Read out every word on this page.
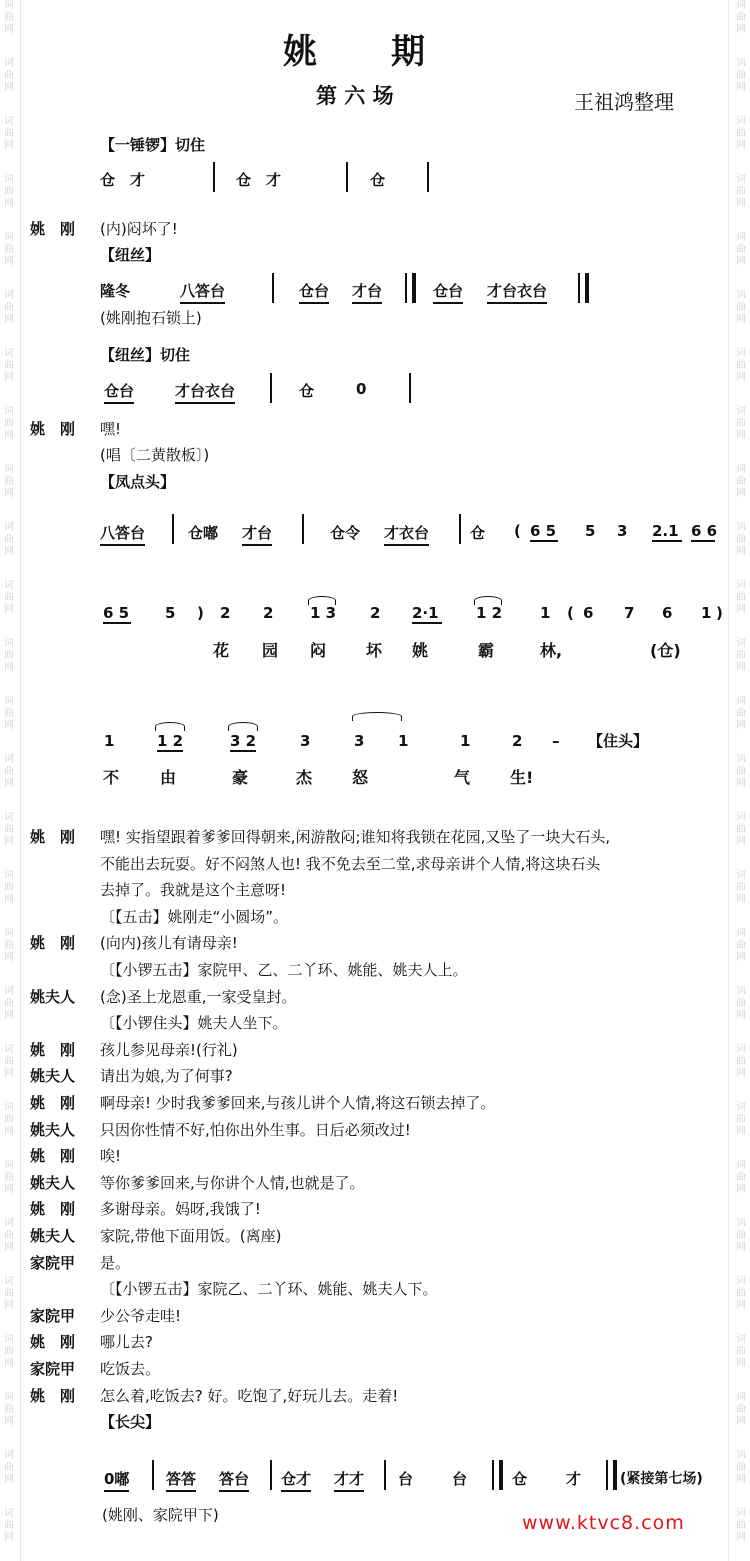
词
曲
网
词
曲
网
词
曲
网
词
曲
网
词
曲
网
词
曲
网
词
曲
网
词
曲
网
词
曲
网
词
曲
网
词
曲
网
词
曲
网
词
曲
网
词
曲
网
词
曲
网
词
曲
网
词
曲
网
词
曲
网
词
曲
网
词
曲
网
词
曲
网
词
曲
网
词
曲
网
词
曲
网
词
曲
网
词
曲
网
词
曲
网
词
曲
网
词
曲
网
词
曲
网
词
曲
网
词
曲
网
词
曲
网
词
曲
网
词
曲
网
词
曲
网
词
曲
网
词
曲
网
词
曲
网
词
曲
网
词
曲
网
词
曲
网
词
曲
网
词
曲
网
词
曲
网
词
曲
网
词
曲
网
词
曲
网
词
曲
网
词
曲
网
词
曲
网
词
曲
网
词
曲
网
词
曲
网
姚　　期
第 六 场	王祖鸿整理
【一锤锣】切住
仓　才	仓　才	仓
姚　刚 (内)闷坏了!
【纽丝】
隆冬	八答台	仓台 才台	仓台 才台衣台
(姚刚抱石锁上)
【纽丝】切住
仓台	才台衣台	仓	0
姚　刚 嘿!
(唱〔二黄散板〕)
【凤点头】
八答台	仓嘟 才台	仓令 才衣台	仓 ( 6 5 5 3 2.1 6 6
6 5 5 ) 2 2 1 3 2 2·1 1 2	1 ( 6 7 6 1 )
花 园 闷 坏 姚	霸	林,	(仓)
1	1 2	3 2	3	3 1	1	2 – 【住头】
不	由	豪	杰 怒	气 生!
姚　刚 嘿! 实指望跟着爹爹回得朝来,闲游散闷;谁知将我锁在花园,又坠了一块大石头,
不能出去玩耍。好不闷煞人也! 我不免去至二堂,求母亲讲个人情,将这块石头
去掉了。我就是这个主意呀!
〔【五击】姚刚走“小圆场”。
姚　刚 (向内)孩儿有请母亲!
〔【小锣五击】家院甲、乙、二丫环、姚能、姚夫人上。
姚夫人 (念)圣上龙恩重,一家受皇封。
〔【小锣住头】姚夫人坐下。
姚　刚 孩儿参见母亲!(行礼)
姚夫人 请出为娘,为了何事?
姚　刚 啊母亲! 少时我爹爹回来,与孩儿讲个人情,将这石锁去掉了。
姚夫人 只因你性情不好,怕你出外生事。日后必须改过!
姚　刚 唉!
姚夫人 等你爹爹回来,与你讲个人情,也就是了。
姚　刚 多谢母亲。妈呀,我饿了!
姚夫人 家院,带他下面用饭。(离座)
家院甲 是。
〔【小锣五击】家院乙、二丫环、姚能、姚夫人下。
家院甲 少公爷走哇!
姚　刚 哪儿去?
家院甲 吃饭去。
姚　刚 怎么着,吃饭去? 好。吃饱了,好玩儿去。走着!
【长尖】
0嘟 答答 答台 仓才 才才 台	台	仓	才	(紧接第七场)
(姚刚、家院甲下)	www.ktvc8.com
